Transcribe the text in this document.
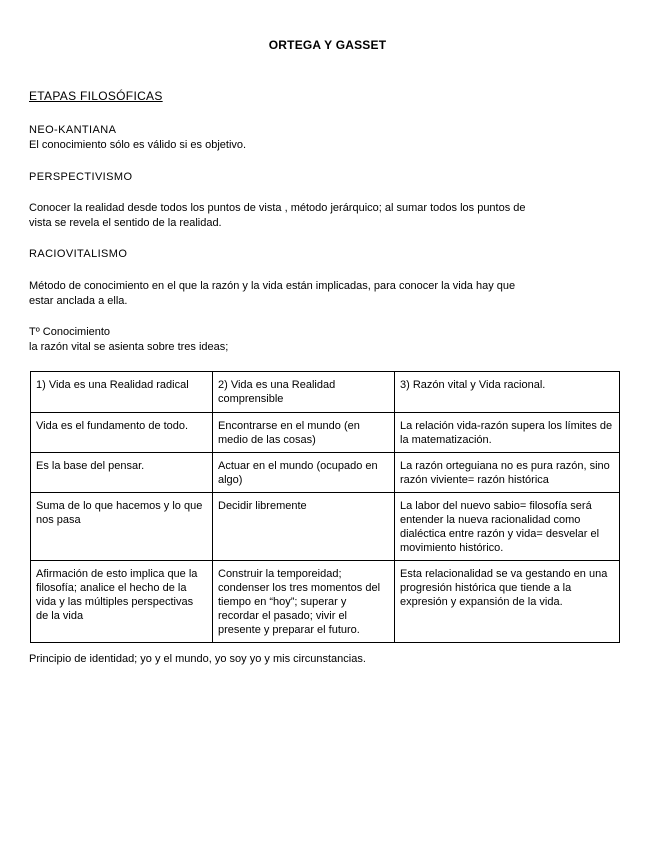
ORTEGA Y GASSET
ETAPAS FILOSÓFICAS
NEO-KANTIANA
El conocimiento sólo es válido si es objetivo.
PERSPECTIVISMO
Conocer la realidad desde todos los puntos de vista , método jerárquico; al sumar todos los puntos de
vista se revela el sentido de la realidad.
RACIOVITALISMO
Método de conocimiento en el que la razón y la vida están implicadas, para conocer la vida hay que
estar anclada a ella.
Tº Conocimiento
la razón vital se asienta sobre tres ideas;
1) Vida es una Realidad radical	2) Vida es una Realidad comprensible	3) Razón vital y Vida racional.
Vida es el fundamento de todo.	Encontrarse en el mundo (en medio de las cosas)	La relación vida-razón supera los límites de la matematización.
Es la base del pensar.	Actuar en el mundo (ocupado en algo)	La razón orteguiana no es pura razón, sino razón viviente= razón histórica
Suma de lo que hacemos y lo que nos pasa	Decidir libremente	La labor del nuevo sabio= filosofía será entender la nueva racionalidad como dialéctica entre razón y vida= desvelar el movimiento histórico.
Afirmación de esto implica que la filosofía; analice el hecho de la vida y las múltiples perspectivas de la vida	Construir la temporeidad; condenser los tres momentos del tiempo en “hoy”; superar y recordar el pasado; vivir el presente y preparar el futuro.	Esta relacionalidad se va gestando en una progresión histórica que tiende a la expresión y expansión de la vida.
Principio de identidad; yo y el mundo, yo soy yo y mis circunstancias.
